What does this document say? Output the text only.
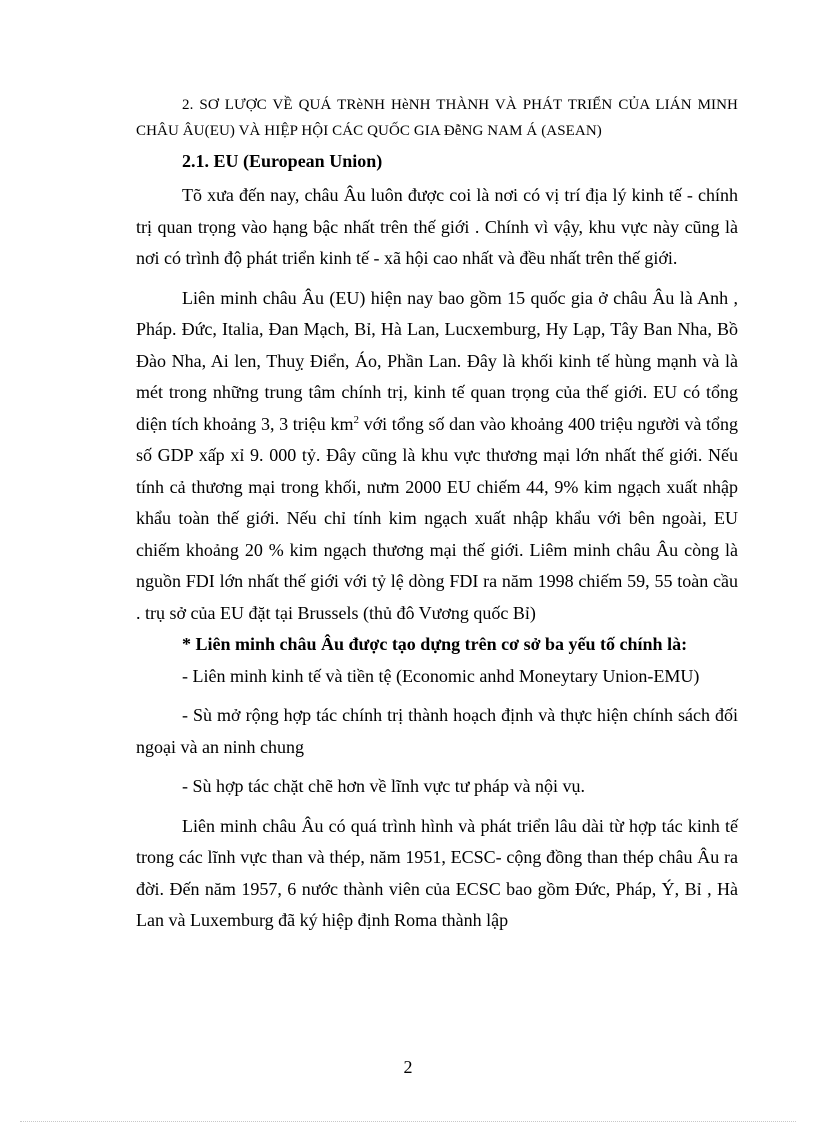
2. SƠ LƯỢC VỀ QUÁ TRèNH HèNH THÀNH VÀ PHÁT TRIỂN CỦA LIÁN MINH CHÂU ÂU(EU) VÀ HIỆP HỘI CÁC QUỐC GIA ĐễNG NAM Á (ASEAN)

2.1. EU (European Union)

Tõ xưa đến nay, châu Âu luôn được coi là nơi có vị trí địa lý kinh tế - chính trị quan trọng vào hạng bậc nhất trên thế giới . Chính vì vậy, khu vực này cũng là nơi có trình độ phát triển kinh tế - xã hội cao nhất và đều nhất trên thế giới.

Liên minh châu Âu (EU) hiện nay bao gồm 15 quốc gia ở châu Âu là Anh , Pháp. Đức, Italia, Đan Mạch, Bỉ, Hà Lan, Lucxemburg, Hy Lạp, Tây Ban Nha, Bồ Đào Nha, Ai len, Thuỵ Điển, Áo, Phần Lan. Đây là khối kinh tế hùng mạnh và là mét trong những trung tâm chính trị, kinh tế quan trọng của thế giới. EU có tổng diện tích khoảng 3, 3 triệu $km^2$ với tổng số dan vào khoảng 400 triệu người và tổng số GDP xấp xỉ 9. 000 tỷ. Đây cũng là khu vực thương mại lớn nhất thế giới. Nếu tính cả thương mại trong khối, nưm 2000 EU chiếm 44, 9% kim ngạch xuất nhập khẩu toàn thế giới. Nếu chỉ tính kim ngạch xuất nhập khẩu với bên ngoài, EU chiếm khoảng 20 % kim ngạch thương mại thế giới. Liêm minh châu Âu còng là nguồn FDI lớn nhất thế giới với tỷ lệ dòng FDI ra năm 1998 chiếm 59, 55 toàn cầu . trụ sở của EU đặt tại Brussels (thủ đô Vương quốc Bỉ)

* Liên minh châu Âu được tạo dựng trên cơ sở ba yếu tố chính là:

- Liên minh kinh tế và tiền tệ (Economic anhd Moneytary Union-EMU)

- Sù mở rộng hợp tác chính trị thành hoạch định và thực hiện chính sách đối ngoại và an ninh chung

- Sù hợp tác chặt chẽ hơn về lĩnh vực tư pháp và nội vụ.

Liên minh châu Âu có quá trình hình và phát triển lâu dài từ hợp tác kinh tế trong các lĩnh vực than và thép, năm 1951, ECSC- cộng đồng than thép châu Âu ra đời. Đến năm 1957, 6 nước thành viên của ECSC bao gồm Đức, Pháp, Ý, Bỉ , Hà Lan và Luxemburg đã ký hiệp định Roma thành lập

2
